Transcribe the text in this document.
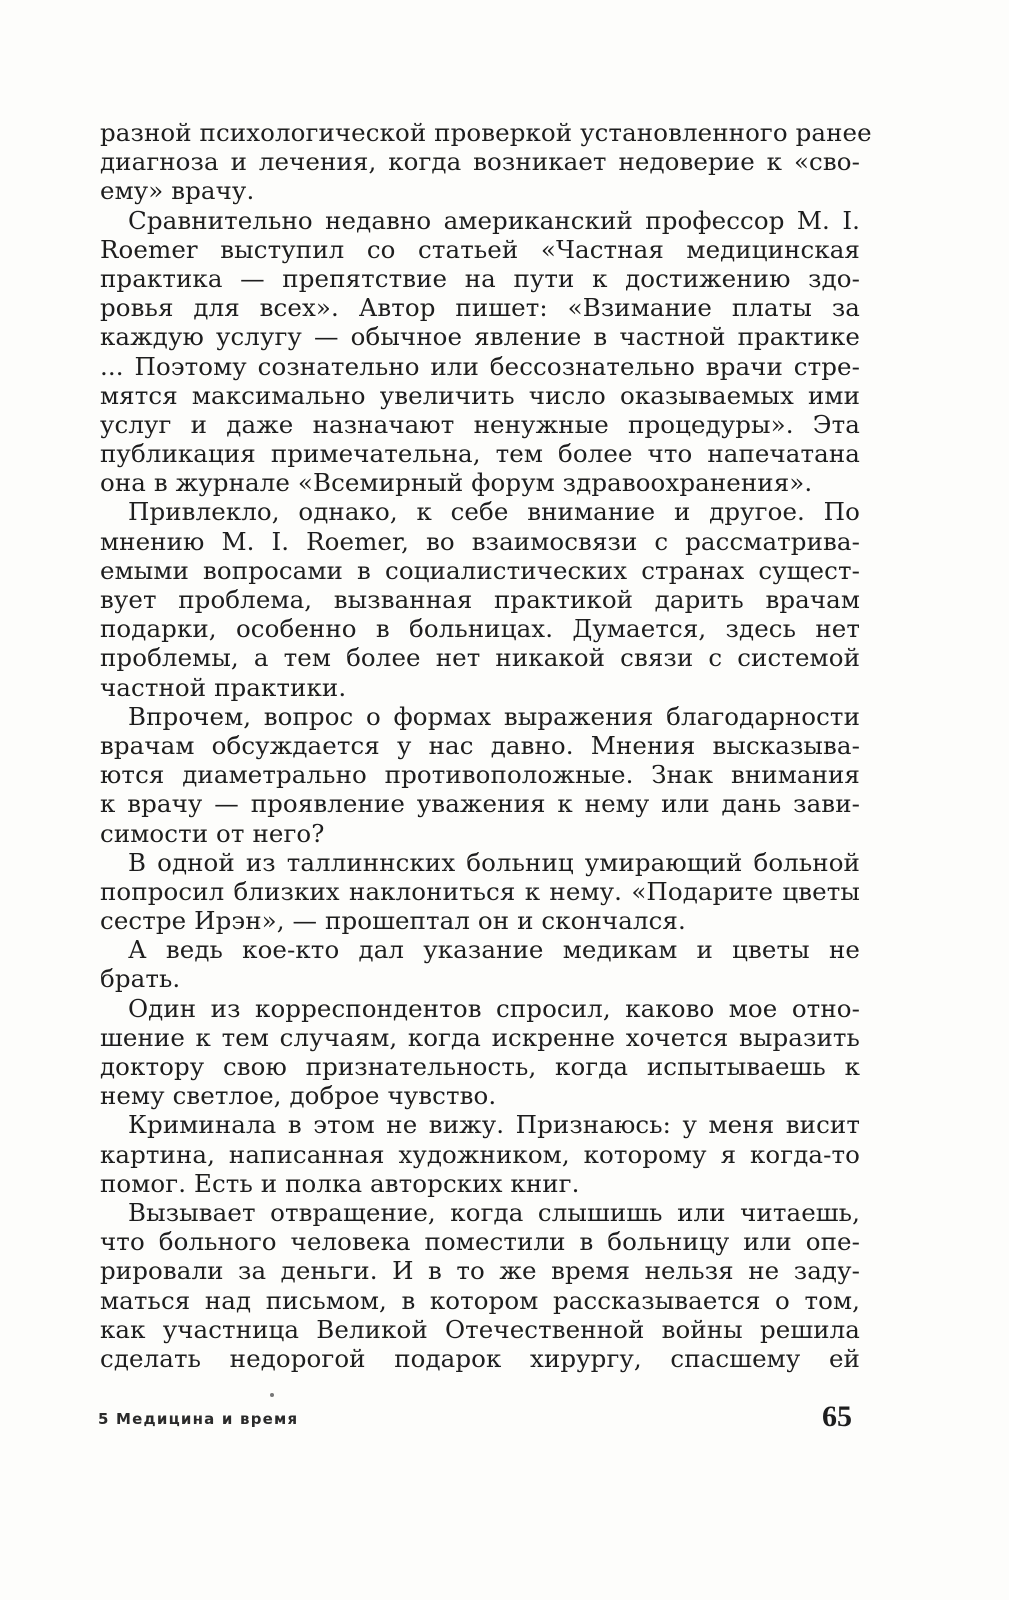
разной психологической проверкой установленного ранее
диагноза и лечения, когда возникает недоверие к «сво-
ему» врачу.
Сравнительно недавно американский профессор М. I.
Roemer выступил со статьей «Частная медицинская
практика — препятствие на пути к достижению здо-
ровья для всех». Автор пишет: «Взимание платы за
каждую услугу — обычное явление в частной практике
... Поэтому сознательно или бессознательно врачи стре-
мятся максимально увеличить число оказываемых ими
услуг и даже назначают ненужные процедуры». Эта
публикация примечательна, тем более что напечатана
она в журнале «Всемирный форум здравоохранения».
Привлекло, однако, к себе внимание и другое. По
мнению М. I. Roemer, во взаимосвязи с рассматрива-
емыми вопросами в социалистических странах сущест-
вует проблема, вызванная практикой дарить врачам
подарки, особенно в больницах. Думается, здесь нет
проблемы, а тем более нет никакой связи с системой
частной практики.
Впрочем, вопрос о формах выражения благодарности
врачам обсуждается у нас давно. Мнения высказыва-
ются диаметрально противоположные. Знак внимания
к врачу — проявление уважения к нему или дань зави-
симости от него?
В одной из таллиннских больниц умирающий больной
попросил близких наклониться к нему. «Подарите цветы
сестре Ирэн», — прошептал он и скончался.
А ведь кое-кто дал указание медикам и цветы не
брать.
Один из корреспондентов спросил, каково мое отно-
шение к тем случаям, когда искренне хочется выразить
доктору свою признательность, когда испытываешь к
нему светлое, доброе чувство.
Криминала в этом не вижу. Признаюсь: у меня висит
картина, написанная художником, которому я когда-то
помог. Есть и полка авторских книг.
Вызывает отвращение, когда слышишь или читаешь,
что больного человека поместили в больницу или опе-
рировали за деньги. И в то же время нельзя не заду-
маться над письмом, в котором рассказывается о том,
как участница Великой Отечественной войны решила
сделать недорогой подарок хирургу, спасшему ей
5 Медицина и время	65
